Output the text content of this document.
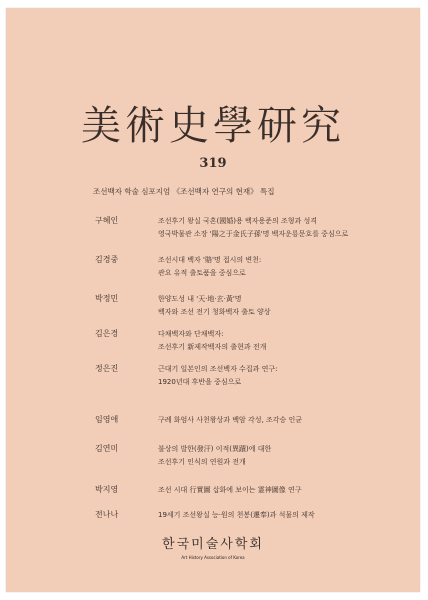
美術史學研究
319
조선백자 학술 심포지엄 《조선백자 연구의 현재》 특집
구혜인	조선후기 왕실 국혼(國婚)용 백자용준의 조형과 성격
영국박물관 소장 '陽之于金氏子孫'명 백자운룡문호를 중심으로
김경중	조선시대 백자 '賂'명 접시의 변천:
관요 유적 출토품을 중심으로
박정민	한양도성 내 '天·地·玄·黃'명
백자와 조선 전기 청화백자 출토 양상
김은경	다채백자와 단채백자:
조선후기 新제작백자의 출현과 전개
정은진	근대기 일본인의 조선백자 수집과 연구:
1920년대 후반을 중심으로
임영애	구례 화엄사 사천왕상과 백암 각성, 조각승 인균
김연미	불상의 발한(發汗) 이적(異蹟)에 대한
조선후기 인식의 연원과 전개
박지영	조선 시대 行實圖 삽화에 보이는 霊神圖像 연구
전나나	19세기 조선왕실 능·원의 천봉(遷奉)과 석물의 제작
한국미술사학회
Art History Association of Korea
